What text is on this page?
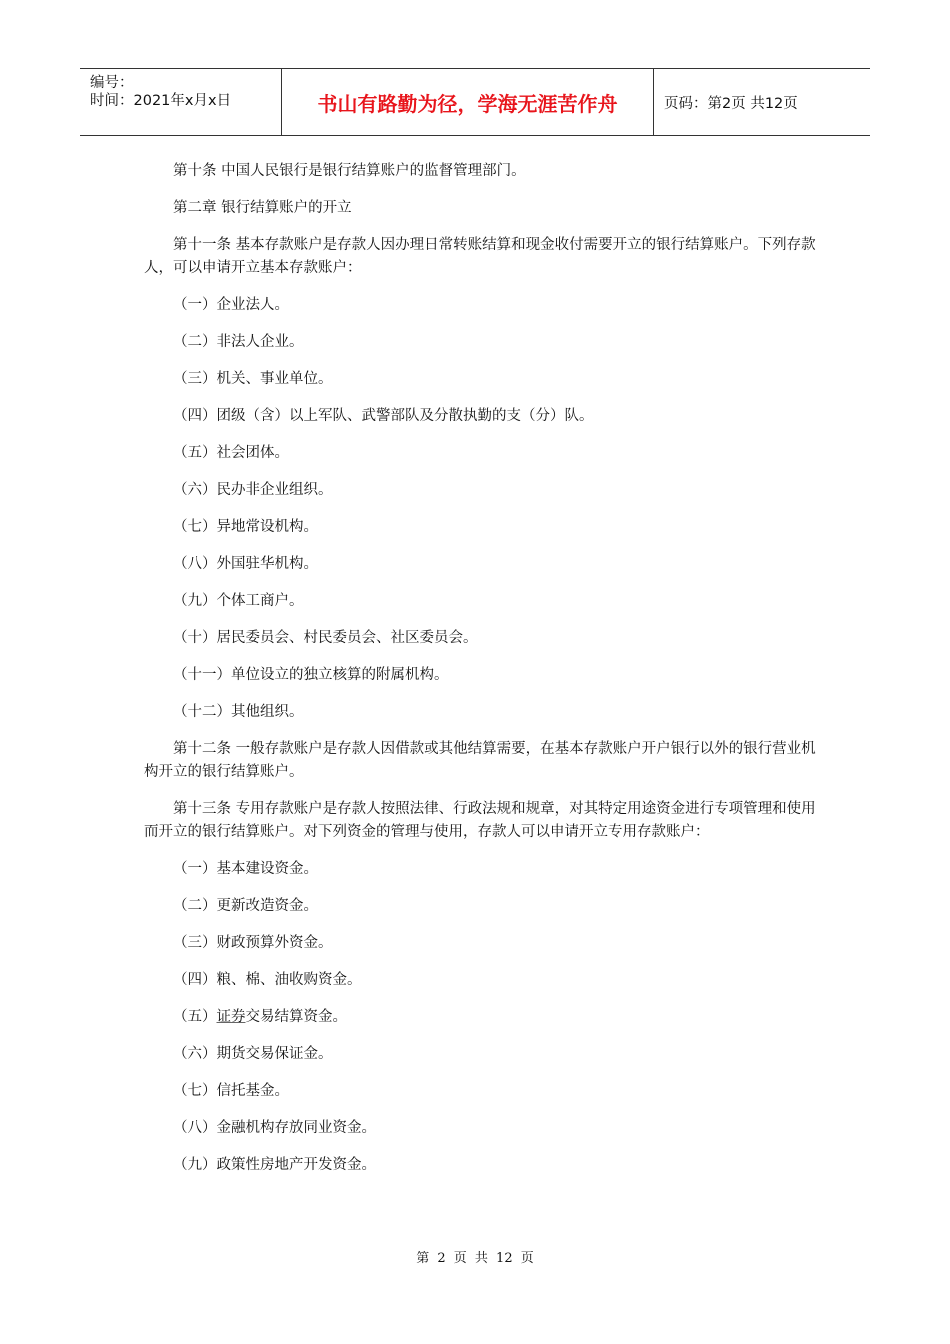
编号：
时间：2021年x月x日	书山有路勤为径，学海无涯苦作舟	页码：第2页 共12页

第十条 中国人民银行是银行结算账户的监督管理部门。

第二章 银行结算账户的开立

第十一条 基本存款账户是存款人因办理日常转账结算和现金收付需要开立的银行结算账户。下列存款人，可以申请开立基本存款账户：

（一）企业法人。

（二）非法人企业。

（三）机关、事业单位。

（四）团级（含）以上军队、武警部队及分散执勤的支（分）队。

（五）社会团体。

（六）民办非企业组织。

（七）异地常设机构。

（八）外国驻华机构。

（九）个体工商户。

（十）居民委员会、村民委员会、社区委员会。

（十一）单位设立的独立核算的附属机构。

（十二）其他组织。

第十二条 一般存款账户是存款人因借款或其他结算需要，在基本存款账户开户银行以外的银行营业机构开立的银行结算账户。

第十三条 专用存款账户是存款人按照法律、行政法规和规章，对其特定用途资金进行专项管理和使用而开立的银行结算账户。对下列资金的管理与使用，存款人可以申请开立专用存款账户：

（一）基本建设资金。

（二）更新改造资金。

（三）财政预算外资金。

（四）粮、棉、油收购资金。

（五）证券交易结算资金。

（六）期货交易保证金。

（七）信托基金。

（八）金融机构存放同业资金。

（九）政策性房地产开发资金。

第 2 页 共 12 页
